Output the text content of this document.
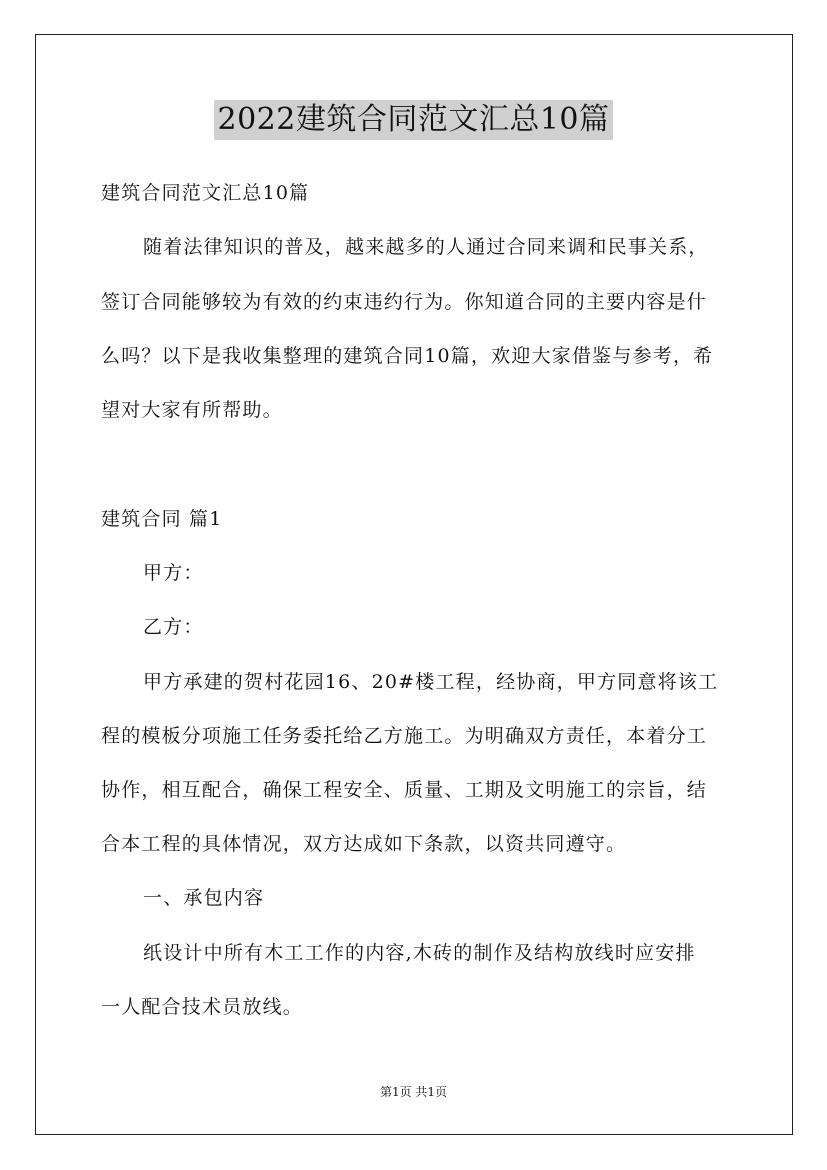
2022建筑合同范文汇总10篇
建筑合同范文汇总10篇
随着法律知识的普及，越来越多的人通过合同来调和民事关系，
签订合同能够较为有效的约束违约行为。你知道合同的主要内容是什
么吗？以下是我收集整理的建筑合同10篇，欢迎大家借鉴与参考，希
望对大家有所帮助。
建筑合同 篇1
甲方：
乙方：
甲方承建的贺村花园16、20#楼工程，经协商，甲方同意将该工
程的模板分项施工任务委托给乙方施工。为明确双方责任，本着分工
协作，相互配合，确保工程安全、质量、工期及文明施工的宗旨，结
合本工程的具体情况，双方达成如下条款，以资共同遵守。
一、承包内容
纸设计中所有木工工作的内容,木砖的制作及结构放线时应安排
一人配合技术员放线。
第1页 共1页
